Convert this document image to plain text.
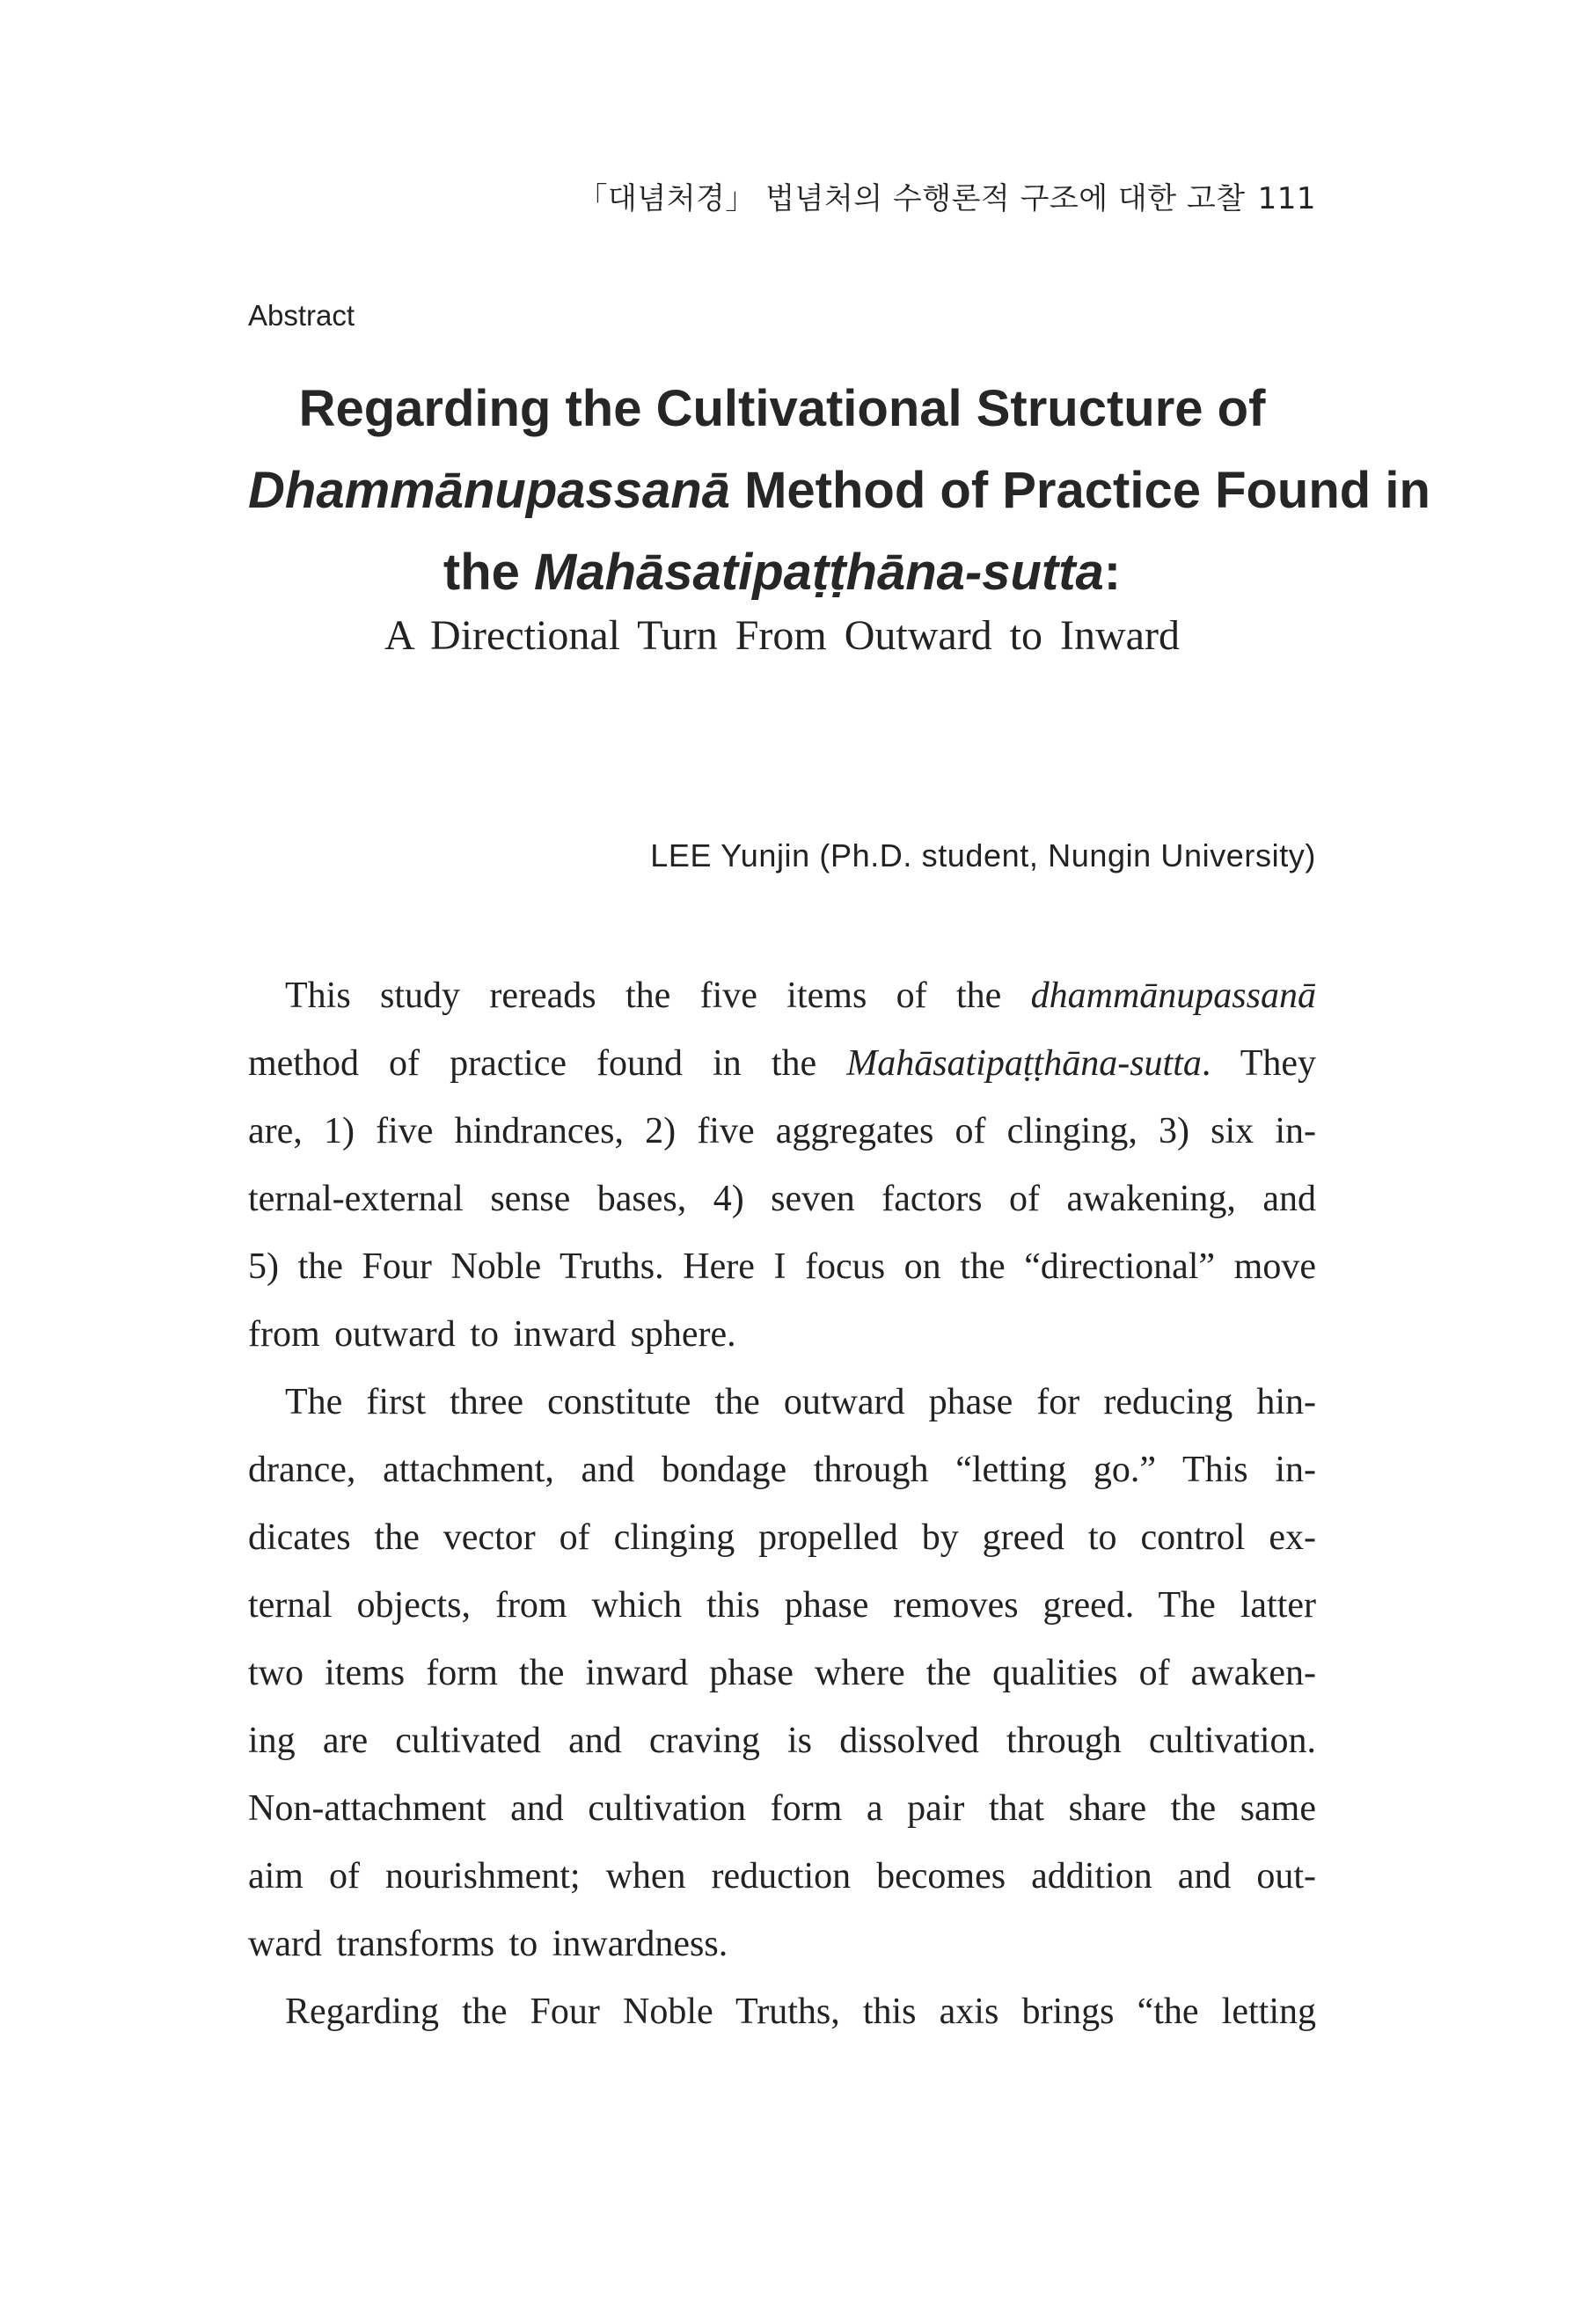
「대념처경」 법념처의 수행론적 구조에 대한 고찰 111
Abstract
Regarding the Cultivational Structure of
Dhammānupassanā Method of Practice Found in
the Mahāsatipaṭṭhāna-sutta:
A Directional Turn From Outward to Inward
LEE Yunjin (Ph.D. student, Nungin University)
This study rereads the five items of the dhammānupassanā
method of practice found in the Mahāsatipaṭṭhāna-sutta. They
are, 1) five hindrances, 2) five aggregates of clinging, 3) six in-
ternal-external sense bases, 4) seven factors of awakening, and
5) the Four Noble Truths. Here I focus on the “directional” move
from outward to inward sphere.
The first three constitute the outward phase for reducing hin-
drance, attachment, and bondage through “letting go.” This in-
dicates the vector of clinging propelled by greed to control ex-
ternal objects, from which this phase removes greed. The latter
two items form the inward phase where the qualities of awaken-
ing are cultivated and craving is dissolved through cultivation.
Non-attachment and cultivation form a pair that share the same
aim of nourishment; when reduction becomes addition and out-
ward transforms to inwardness.
Regarding the Four Noble Truths, this axis brings “the letting
